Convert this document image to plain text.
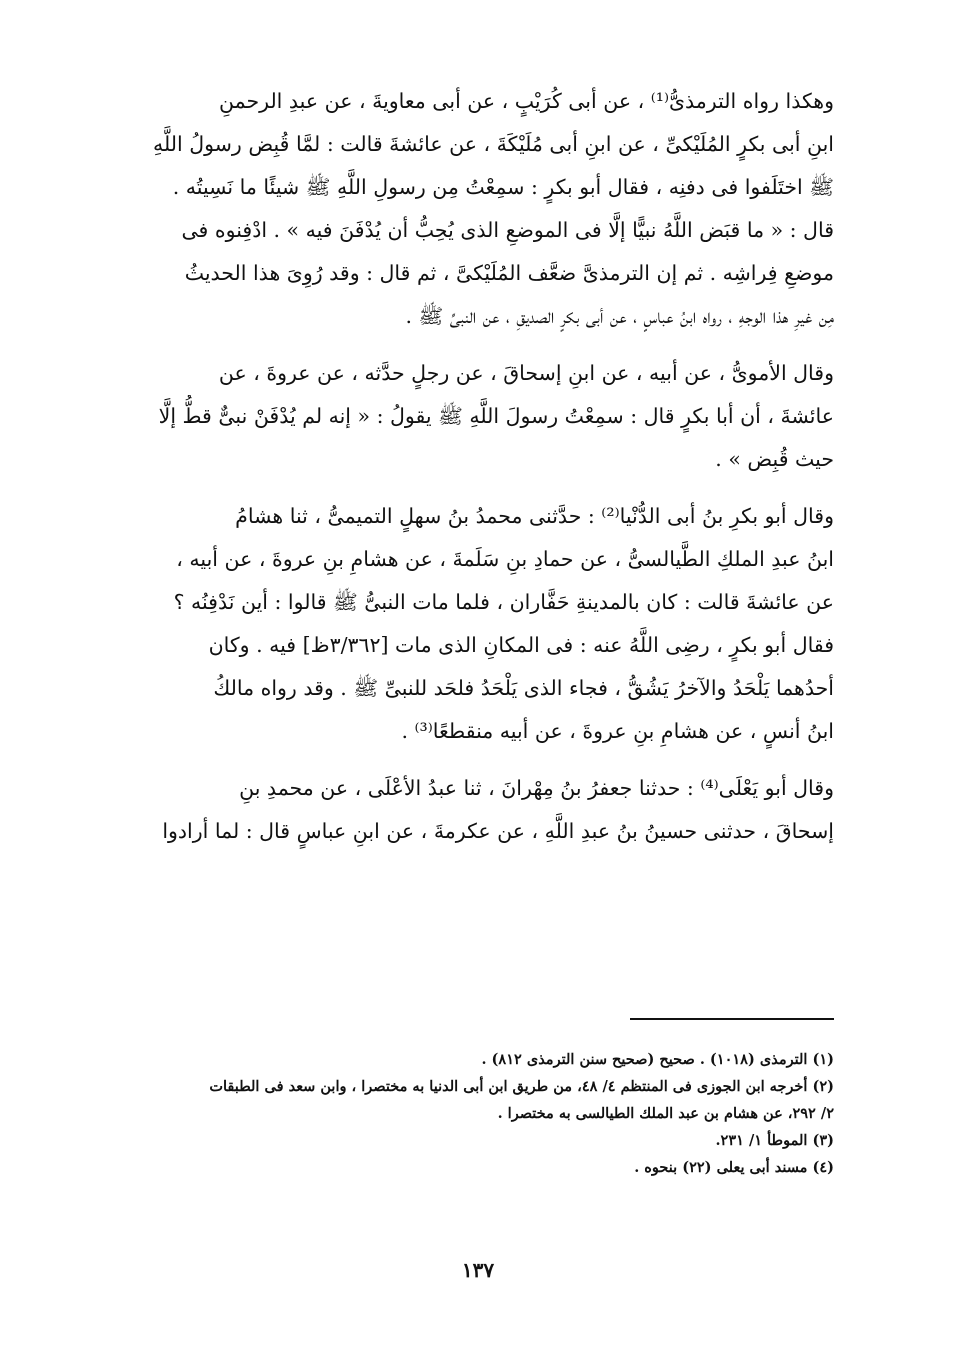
وهكذا رواه الترمذىُّ⁽¹⁾ ، عن أبى كُرَيْبٍ ، عن أبى معاويةَ ، عن عبدِ الرحمنِ
ابنِ أبى بكرٍ المُلَيْكىِّ ، عن ابنِ أبى مُلَيْكَةَ ، عن عائشةَ قالت : لمَّا قُبِض رسولُ اللَّهِ
ﷺ اختَلَفوا فى دفنِه ، فقال أبو بكرٍ : سمِعْتُ مِن رسولِ اللَّهِ ﷺ شيئًا ما نَسِيتُه .
قال : « ما قبَض اللَّهُ نبيًّا إلَّا فى الموضعِ الذى يُحِبُّ أن يُدْفَنَ فيه » . ادْفِنوه فى
موضعِ فِراشِه . ثم إن الترمذىَّ ضعَّف المُلَيْكىَّ ، ثم قال : وقد رُوِىَ هذا الحديثُ
مِن غيرِ هذا الوجهِ ، رواه ابنُ عباسٍ ، عن أبى بكرٍ الصديقِ ، عن النبىِّ ﷺ .
وقال الأموىُّ ، عن أبيه ، عن ابنِ إسحاقَ ، عن رجلٍ حدَّثه ، عن عروةَ ، عن
عائشةَ ، أن أبا بكرٍ قال : سمِعْتُ رسولَ اللَّهِ ﷺ يقولُ : « إنه لم يُدْفَنْ نبىٌّ قطُّ إلَّا
حيث قُبِض » .
وقال أبو بكرِ بنُ أبى الدُّنْيا⁽²⁾ : حدَّثنى محمدُ بنُ سهلٍ التميمىُّ ، ثنا هشامُ
ابنُ عبدِ الملكِ الطَّيالسىُّ ، عن حمادِ بنِ سَلَمةَ ، عن هشامِ بنِ عروةَ ، عن أبيه ،
عن عائشةَ قالت : كان بالمدينةِ حَفَّاران ، فلما مات النبىُّ ﷺ قالوا : أين نَدْفِنُه ؟
فقال أبو بكرٍ ، رضِى اللَّهُ عنه : فى المكانِ الذى مات [٣/٣٦٢ظ] فيه . وكان
أحدُهما يَلْحَدُ والآخرُ يَشُقُّ ، فجاء الذى يَلْحَدُ فلحَد للنبىِّ ﷺ . وقد رواه مالكُ
ابنُ أنسٍ ، عن هشامِ بنِ عروةَ ، عن أبيه منقطعًا⁽³⁾ .
وقال أبو يَعْلَى⁽⁴⁾ : حدثنا جعفرُ بنُ مِهْرانَ ، ثنا عبدُ الأعْلَى ، عن محمدِ بنِ
إسحاقَ ، حدثنى حسينُ بنُ عبدِ اللَّهِ ، عن عكرمةَ ، عن ابنِ عباسٍ قال : لما أرادوا
(١) الترمذى (١٠١٨) . صحيح (صحيح سنن الترمذى ٨١٢) .
(٢) أخرجه ابن الجوزى فى المنتظم ٤/ ٤٨، من طريق ابن أبى الدنيا به مختصرا ، وابن سعد فى الطبقات
٢/ ٢٩٢، عن هشام بن عبد الملك الطيالسى به مختصرا .
(٣) الموطأ ١/ ٢٣١.
(٤) مسند أبى يعلى (٢٢) بنحوه .
١٣٧
